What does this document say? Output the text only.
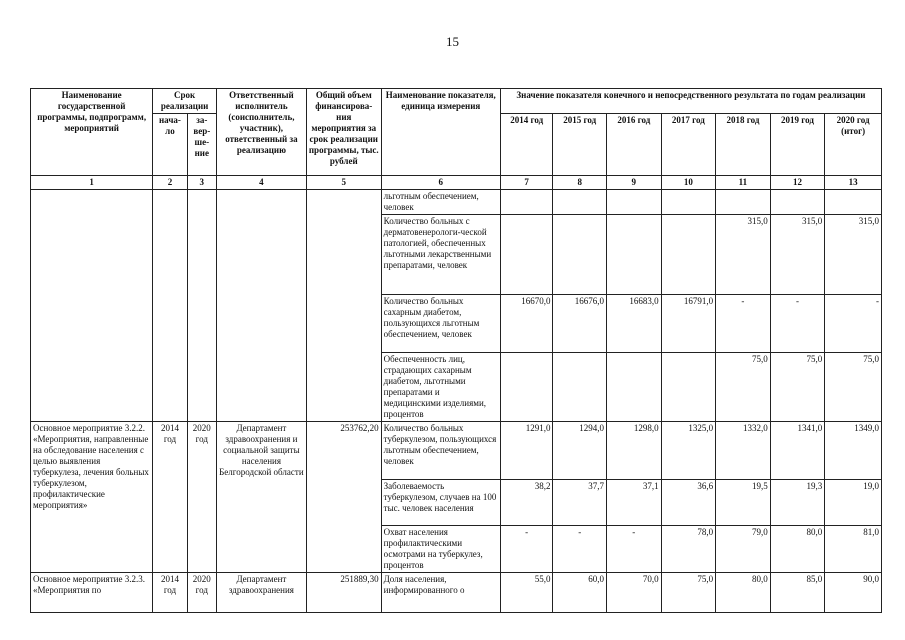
15
Наименование государственной программы, подпрограмм, мероприятий	Срок реализации		Ответственный исполнитель (соисполнитель, участник), ответственный за реализацию	Общий объем финансирова-ния мероприятия за срок реализации программы, тыс. рублей	Наименование показателя, единица измерения	Значение показателя конечного и непосредственного результата по годам реализации						
	нача-ло	за-вер-ше-ние				2014 год	2015 год	2016 год	2017 год	2018 год	2019 год	2020 год (итог)
1	2	3	4	5	6	7	8	9	10	11	12	13
					льготным обеспечением, человек							
					Количество больных с дерматовенерологи-ческой патологией, обеспеченных льготными лекарственными препаратами, человек					315,0	315,0	315,0
					Количество больных сахарным диабетом, пользующихся льготным обеспечением, человек	16670,0	16676,0	16683,0	16791,0	-	-	-
					Обеспеченность лиц, страдающих сахарным диабетом, льготными препаратами и медицинскими изделиями, процентов					75,0	75,0	75,0
Основное мероприятие 3.2.2. «Мероприятия, направленные на обследование населения с целью выявления туберкулеза, лечения больных туберкулезом, профилактические мероприятия»	2014 год	2020 год	Департамент здравоохранения и социальной защиты населения Белгородской области	253762,20	Количество больных туберкулезом, пользующихся льготным обеспечением, человек	1291,0	1294,0	1298,0	1325,0	1332,0	1341,0	1349,0
					Заболеваемость туберкулезом, случаев на 100 тыс. человек населения	38,2	37,7	37,1	36,6	19,5	19,3	19,0
					Охват населения профилактическими осмотрами на туберкулез, процентов	-	-	-	78,0	79,0	80,0	81,0
Основное мероприятие 3.2.3. «Мероприятия по	2014 год	2020 год	Департамент здравоохранения	251889,30	Доля населения, информированного о	55,0	60,0	70,0	75,0	80,0	85,0	90,0
